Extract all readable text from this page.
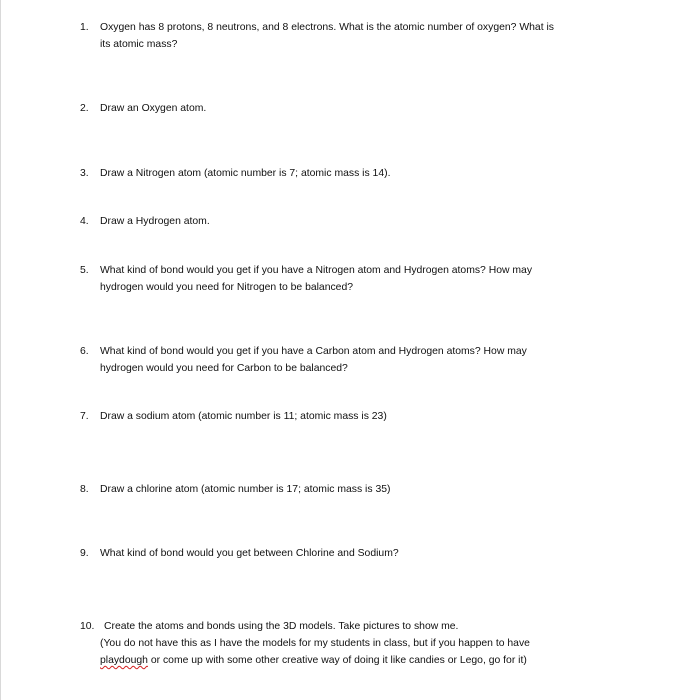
1. Oxygen has 8 protons, 8 neutrons, and 8 electrons. What is the atomic number of oxygen? What is
its atomic mass?
2. Draw an Oxygen atom.
3. Draw a Nitrogen atom (atomic number is 7; atomic mass is 14).
4. Draw a Hydrogen atom.
5. What kind of bond would you get if you have a Nitrogen atom and Hydrogen atoms? How may
hydrogen would you need for Nitrogen to be balanced?
6. What kind of bond would you get if you have a Carbon atom and Hydrogen atoms? How may
hydrogen would you need for Carbon to be balanced?
7. Draw a sodium atom (atomic number is 11; atomic mass is 23)
8. Draw a chlorine atom (atomic number is 17; atomic mass is 35)
9. What kind of bond would you get between Chlorine and Sodium?
10. Create the atoms and bonds using the 3D models. Take pictures to show me.
(You do not have this as I have the models for my students in class, but if you happen to have
playdough or come up with some other creative way of doing it like candies or Lego, go for it)
